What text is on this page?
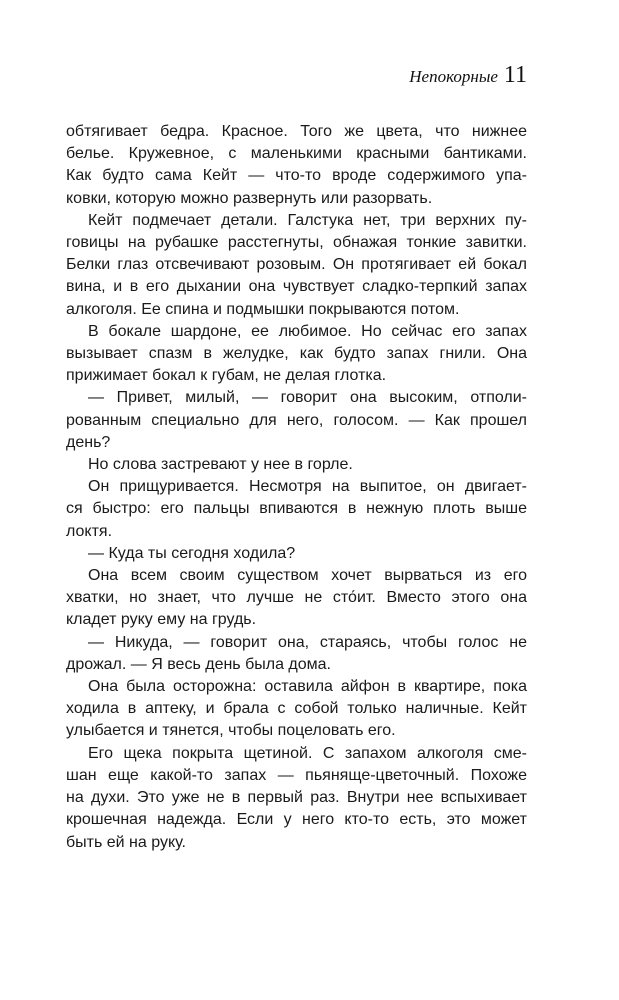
Непокорные 11
обтягивает бедра. Красное. Того же цвета, что нижнее
белье. Кружевное, с маленькими красными бантиками.
Как будто сама Кейт — что-то вроде содержимого упа-
ковки, которую можно развернуть или разорвать.
Кейт подмечает детали. Галстука нет, три верхних пу-
говицы на рубашке расстегнуты, обнажая тонкие завитки.
Белки глаз отсвечивают розовым. Он протягивает ей бокал
вина, и в его дыхании она чувствует сладко-терпкий запах
алкоголя. Ее спина и подмышки покрываются потом.
В бокале шардоне, ее любимое. Но сейчас его запах
вызывает спазм в желудке, как будто запах гнили. Она
прижимает бокал к губам, не делая глотка.
— Привет, милый, — говорит она высоким, отполи-
рованным специально для него, голосом. — Как прошел
день?
Но слова застревают у нее в горле.
Он прищуривается. Несмотря на выпитое, он двигает-
ся быстро: его пальцы впиваются в нежную плоть выше
локтя.
— Куда ты сегодня ходила?
Она всем своим существом хочет вырваться из его
хватки, но знает, что лучше не сто́ит. Вместо этого она
кладет руку ему на грудь.
— Никуда, — говорит она, стараясь, чтобы голос не
дрожал. — Я весь день была дома.
Она была осторожна: оставила айфон в квартире, пока
ходила в аптеку, и брала с собой только наличные. Кейт
улыбается и тянется, чтобы поцеловать его.
Его щека покрыта щетиной. С запахом алкоголя сме-
шан еще какой-то запах — пьяняще-цветочный. Похоже
на духи. Это уже не в первый раз. Внутри нее вспыхивает
крошечная надежда. Если у него кто-то есть, это может
быть ей на руку.
